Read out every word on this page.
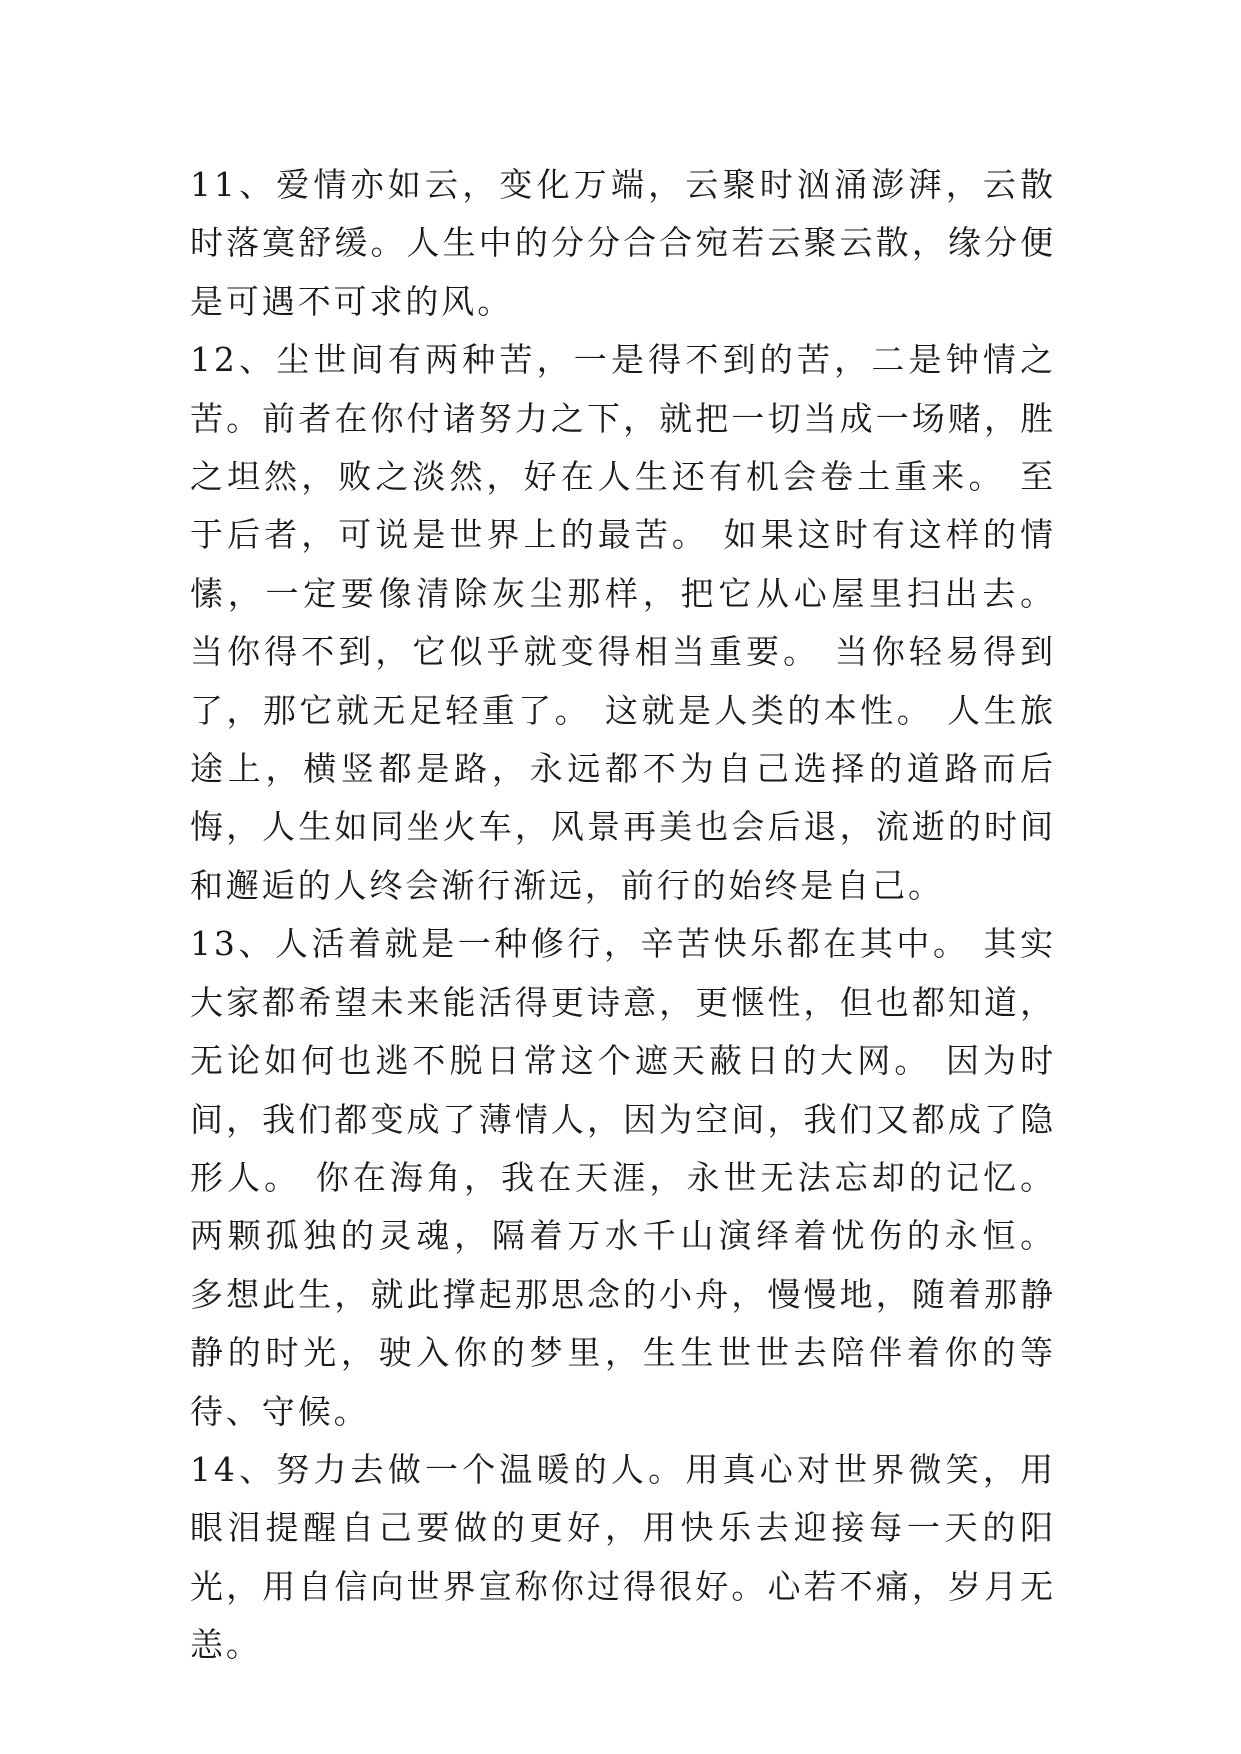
11、爱情亦如云，变化万端，云聚时汹涌澎湃，云散时落寞舒缓。人生中的分分合合宛若云聚云散，缘分便是可遇不可求的风。

12、尘世间有两种苦，一是得不到的苦，二是钟情之苦。前者在你付诸努力之下，就把一切当成一场赌，胜之坦然，败之淡然，好在人生还有机会卷土重来。 至于后者，可说是世界上的最苦。 如果这时有这样的情愫，一定要像清除灰尘那样，把它从心屋里扫出去。 当你得不到，它似乎就变得相当重要。 当你轻易得到了，那它就无足轻重了。 这就是人类的本性。 人生旅途上，横竖都是路，永远都不为自己选择的道路而后悔，人生如同坐火车，风景再美也会后退，流逝的时间和邂逅的人终会渐行渐远，前行的始终是自己。

13、人活着就是一种修行，辛苦快乐都在其中。 其实大家都希望未来能活得更诗意，更惬性，但也都知道，无论如何也逃不脱日常这个遮天蔽日的大网。 因为时间，我们都变成了薄情人，因为空间，我们又都成了隐形人。 你在海角，我在天涯，永世无法忘却的记忆。 两颗孤独的灵魂，隔着万水千山演绎着忧伤的永恒。 多想此生，就此撑起那思念的小舟，慢慢地，随着那静静的时光，驶入你的梦里，生生世世去陪伴着你的等待、守候。

14、努力去做一个温暖的人。用真心对世界微笑，用眼泪提醒自己要做的更好，用快乐去迎接每一天的阳光，用自信向世界宣称你过得很好。心若不痛，岁月无恙。
